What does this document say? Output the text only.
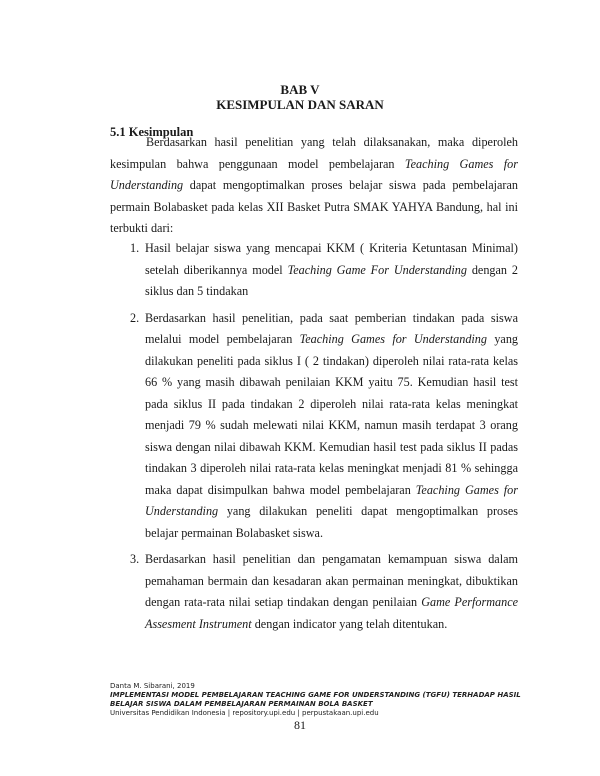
BAB V
KESIMPULAN DAN SARAN
5.1 Kesimpulan

Berdasarkan hasil penelitian yang telah dilaksanakan, maka diperoleh kesimpulan bahwa penggunaan model pembelajaran Teaching Games for Understanding dapat mengoptimalkan proses belajar siswa pada pembelajaran permain Bolabasket pada kelas XII Basket Putra SMAK YAHYA Bandung, hal ini terbukti dari:

1. Hasil belajar siswa yang mencapai KKM ( Kriteria Ketuntasan Minimal) setelah diberikannya model Teaching Game For Understanding dengan 2 siklus dan 5 tindakan
2. Berdasarkan hasil penelitian, pada saat pemberian tindakan pada siswa melalui model pembelajaran Teaching Games for Understanding yang dilakukan peneliti pada siklus I ( 2 tindakan) diperoleh nilai rata-rata kelas 66 % yang masih dibawah penilaian KKM yaitu 75. Kemudian hasil test pada siklus II pada tindakan 2 diperoleh nilai rata-rata kelas meningkat menjadi 79 % sudah melewati nilai KKM, namun masih terdapat 3 orang siswa dengan nilai dibawah KKM. Kemudian hasil test pada siklus II padas tindakan 3 diperoleh nilai rata-rata kelas meningkat menjadi 81 % sehingga maka dapat disimpulkan bahwa model pembelajaran Teaching Games for Understanding yang dilakukan peneliti dapat mengoptimalkan proses belajar permainan Bolabasket siswa.
3. Berdasarkan hasil penelitian dan pengamatan kemampuan siswa dalam pemahaman bermain dan kesadaran akan permainan meningkat, dibuktikan dengan rata-rata nilai setiap tindakan dengan penilaian Game Performance Assesment Instrument dengan indicator yang telah ditentukan.
Danta M. Sibarani, 2019
IMPLEMENTASI MODEL PEMBELAJARAN TEACHING GAME FOR UNDERSTANDING (TGFU) TERHADAP HASIL BELAJAR SISWA DALAM PEMBELAJARAN PERMAINAN BOLA BASKET
Universitas Pendidikan Indonesia | repository.upi.edu | perpustakaan.upi.edu
81
